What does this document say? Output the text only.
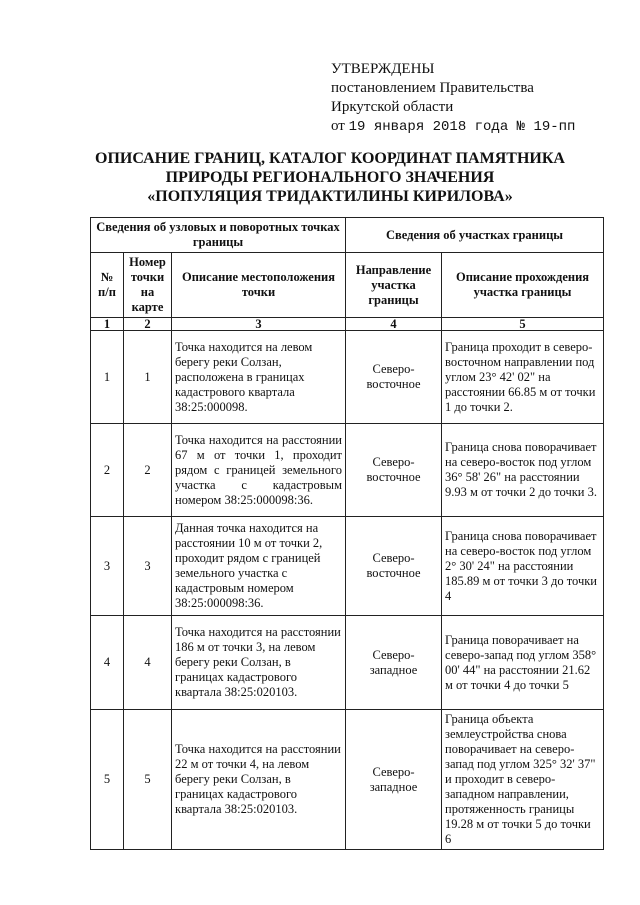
УТВЕРЖДЕНЫ
постановлением Правительства
Иркутской области
от 19 января 2018 года № 19-пп
ОПИСАНИЕ ГРАНИЦ, КАТАЛОГ КООРДИНАТ ПАМЯТНИКА
ПРИРОДЫ РЕГИОНАЛЬНОГО ЗНАЧЕНИЯ
«ПОПУЛЯЦИЯ ТРИДАКТИЛИНЫ КИРИЛОВА»
Сведения об узловых и поворотных точках границы			Сведения об участках границы	
№ п/п	Номер точки на карте	Описание местоположения точки	Направление участка границы	Описание прохождения участка границы
1	2	3	4	5
1	1	Точка находится на левом берегу реки Солзан, расположена в границах кадастрового квартала 38:25:000098.	Северо-восточное	Граница проходит в северо-восточном направлении под углом 23° 42' 02" на расстоянии 66.85 м от точки 1 до точки 2.
2	2	Точка находится на расстоянии 67 м от точки 1, проходит рядом с границей земельного участка с кадастровым номером 38:25:000098:36.	Северо-восточное	Граница снова поворачивает на северо-восток под углом 36° 58' 26" на расстоянии 9.93 м от точки 2 до точки 3.
3	3	Данная точка находится на расстоянии 10 м от точки 2, проходит рядом с границей земельного участка с кадастровым номером 38:25:000098:36.	Северо-восточное	Граница снова поворачивает на северо-восток под углом 2° 30' 24" на расстоянии 185.89 м от точки 3 до точки 4
4	4	Точка находится на расстоянии 186 м от точки 3, на левом берегу реки Солзан, в границах кадастрового квартала 38:25:020103.	Северо-западное	Граница поворачивает на северо-запад под углом 358° 00' 44" на расстоянии 21.62 м от точки 4 до точки 5
5	5	Точка находится на расстоянии 22 м от точки 4, на левом берегу реки Солзан, в границах кадастрового квартала 38:25:020103.	Северо-западное	Граница объекта землеустройства снова поворачивает на северо-запад под углом 325° 32' 37" и проходит в северо-западном направлении, протяженность границы 19.28 м от точки 5 до точки 6
